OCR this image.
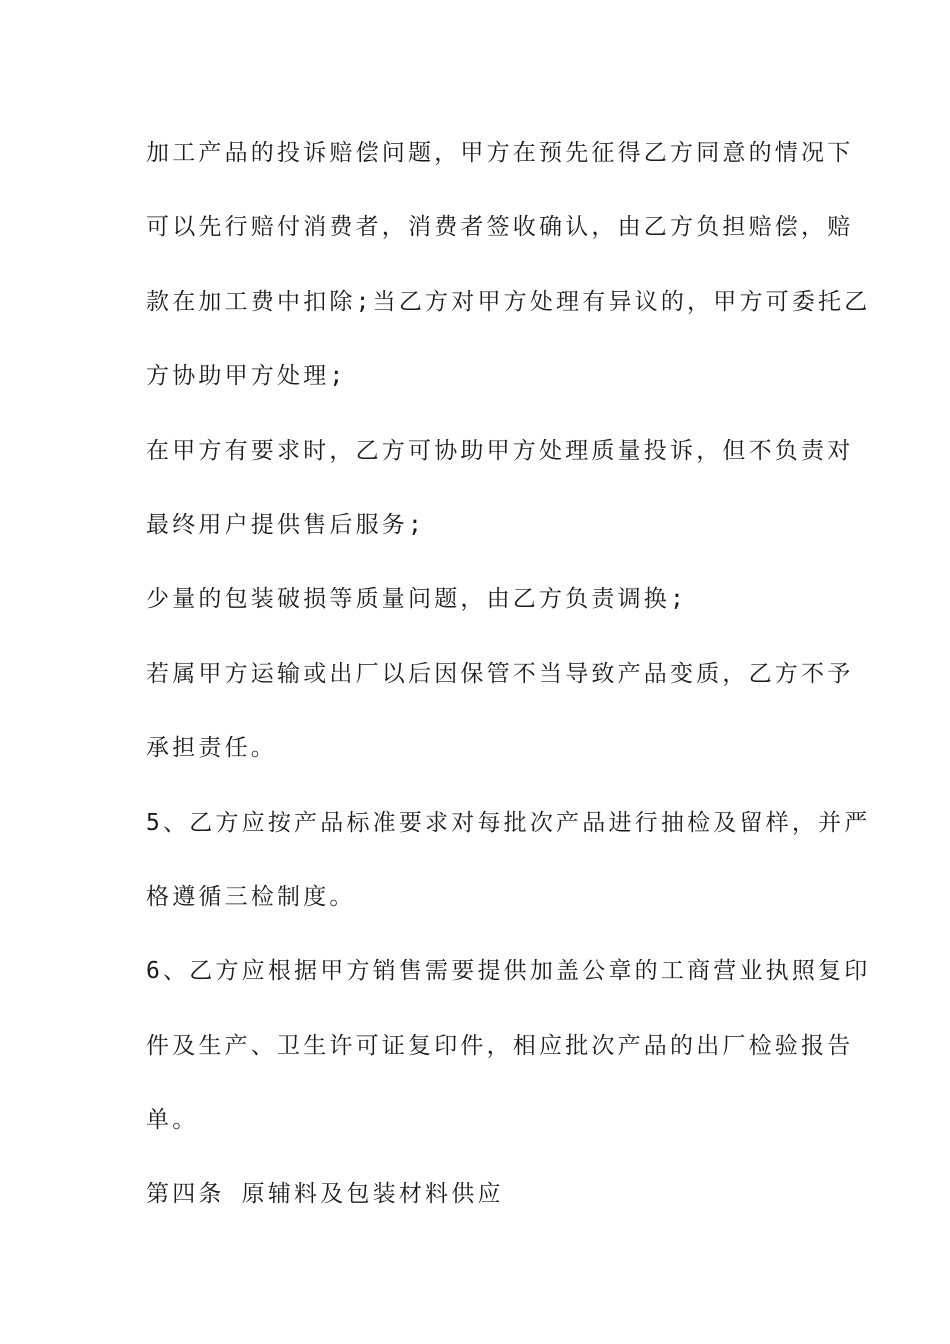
加工产品的投诉赔偿问题，甲方在预先征得乙方同意的情况下
可以先行赔付消费者，消费者签收确认，由乙方负担赔偿，赔
款在加工费中扣除;当乙方对甲方处理有异议的，甲方可委托乙
方协助甲方处理;
在甲方有要求时，乙方可协助甲方处理质量投诉，但不负责对
最终用户提供售后服务;
少量的包装破损等质量问题，由乙方负责调换;
若属甲方运输或出厂以后因保管不当导致产品变质，乙方不予
承担责任。
5、乙方应按产品标准要求对每批次产品进行抽检及留样，并严
格遵循三检制度。
6、乙方应根据甲方销售需要提供加盖公章的工商营业执照复印
件及生产、卫生许可证复印件，相应批次产品的出厂检验报告
单。
第四条 原辅料及包装材料供应
